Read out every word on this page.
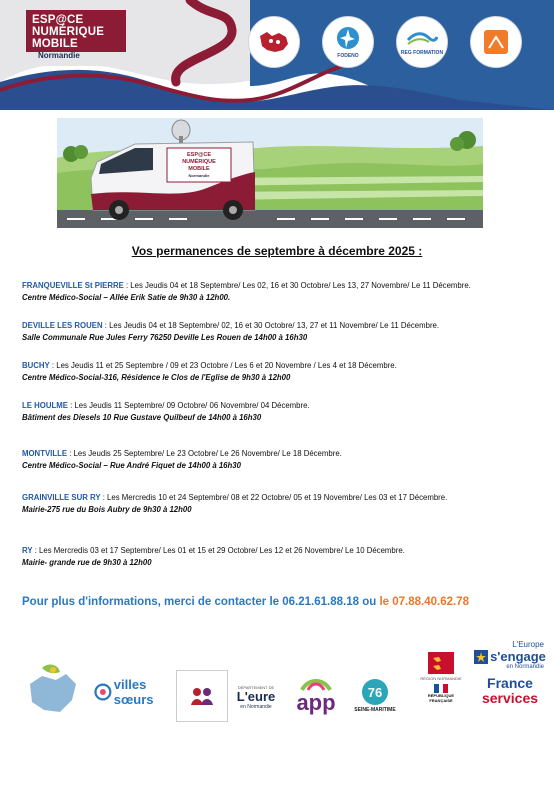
ESP@CE
NUMÉRIQUE
MOBILE
Normandie	FODENO	REG FORMATION
ESP@CE
NUMÉRIQUE
MOBILE
Normandie
Vos permanences de septembre à décembre 2025 :
FRANQUEVILLE St PIERRE : Les Jeudis 04 et 18 Septembre/ Les 02, 16 et 30 Octobre/ Les 13, 27 Novembre/ Le 11 Décembre.
Centre Médico-Social – Allée Erik Satie de 9h30 à 12h00.
DEVILLE LES ROUEN : Les Jeudis 04 et 18 Septembre/ 02, 16 et 30 Octobre/ 13, 27 et 11 Novembre/ Le 11 Décembre.
Salle Communale Rue Jules Ferry 76250 Deville Les Rouen de 14h00 à 16h30
BUCHY : Les Jeudis 11 et 25 Septembre / 09 et 23 Octobre / Les 6 et 20 Novembre / Les 4 et 18 Décembre.
Centre Médico-Social-316, Résidence le Clos de l'Eglise de 9h30 à 12h00
LE HOULME : Les Jeudis 11 Septembre/ 09 Octobre/ 06 Novembre/ 04 Décembre.
Bâtiment des Diesels 10 Rue Gustave Quilbeuf de 14h00 à 16h30
MONTVILLE : Les Jeudis 25 Septembre/ Le 23 Octobre/ Le 26 Novembre/ Le 18 Décembre.
Centre Médico-Social – Rue André Fiquet de 14h00 à 16h30
GRAINVILLE SUR RY : Les Mercredis 10 et 24 Septembre/ 08 et 22 Octobre/ 05 et 19 Novembre/ Les 03 et 17 Décembre.
Mairie-275 rue du Bois Aubry de 9h30 à 12h00
RY : Les Mercredis 03 et 17 Septembre/ Les 01 et 15 et 29 Octobre/ Les 12 et 26 Novembre/ Le 10 Décembre.
Mairie- grande rue de 9h30 à 12h00
Pour plus d'informations, merci de contacter le 06.21.61.88.18 ou le 07.88.40.62.78
villes sœurs
DÉPARTEMENT DE
L'eure
en Normandie app	76
SEINE-MARITIME
RÉGION NORMANDIE
RÉPUBLIQUE FRANÇAISE
L'Europe
s'engage
en Normandie
France
services
